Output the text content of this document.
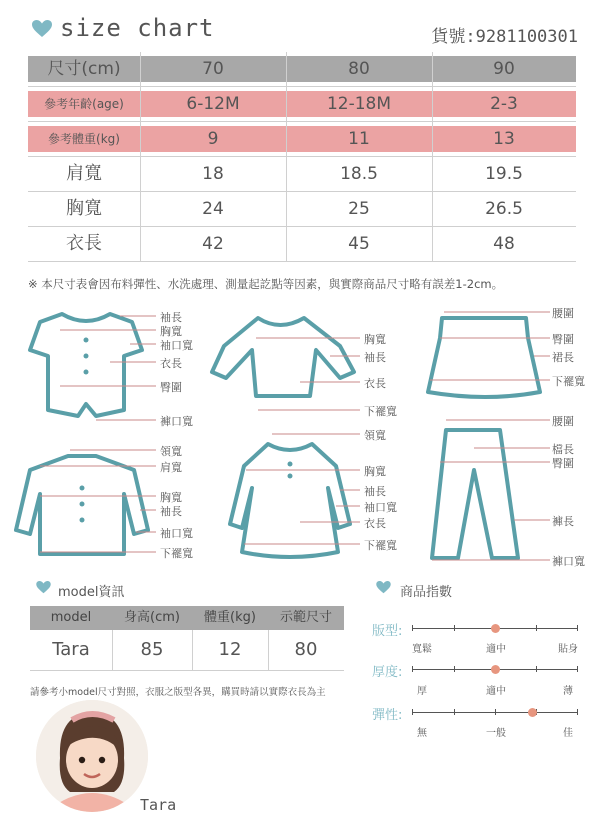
size chart	貨號:9281100301
尺寸(cm)	70	80	90
參考年齡(age)	6-12M	12-18M	2-3
參考體重(kg)	9	11	13
肩寬	18	18.5	19.5
胸寬	24	25	26.5
衣長	42	45	48
※ 本尺寸表會因布料彈性、水洗處理、測量起訖點等因素，與實際商品尺寸略有誤差1-2cm。
袖長
胸寬
袖口寬
衣長
臀圍
褲口寬
胸寬
袖長
衣長
下襬寬
腰圍
臀圍
裙長
下襬寬
領寬
肩寬
胸寬
袖長
袖口寬
下襬寬
領寬
胸寬
袖長
袖口寬
衣長
下襬寬
腰圍
檔長
臀圍
褲長
褲口寬
model資訊
model	身高(cm)	體重(kg)	示範尺寸
Tara	85	12	80
請參考小model尺寸對照，衣服之版型各異，購買時請以實際衣長為主
Tara
商品指數
版型:
寬鬆	適中	貼身
厚度:
厚	適中	薄
彈性:
無	一般	佳
